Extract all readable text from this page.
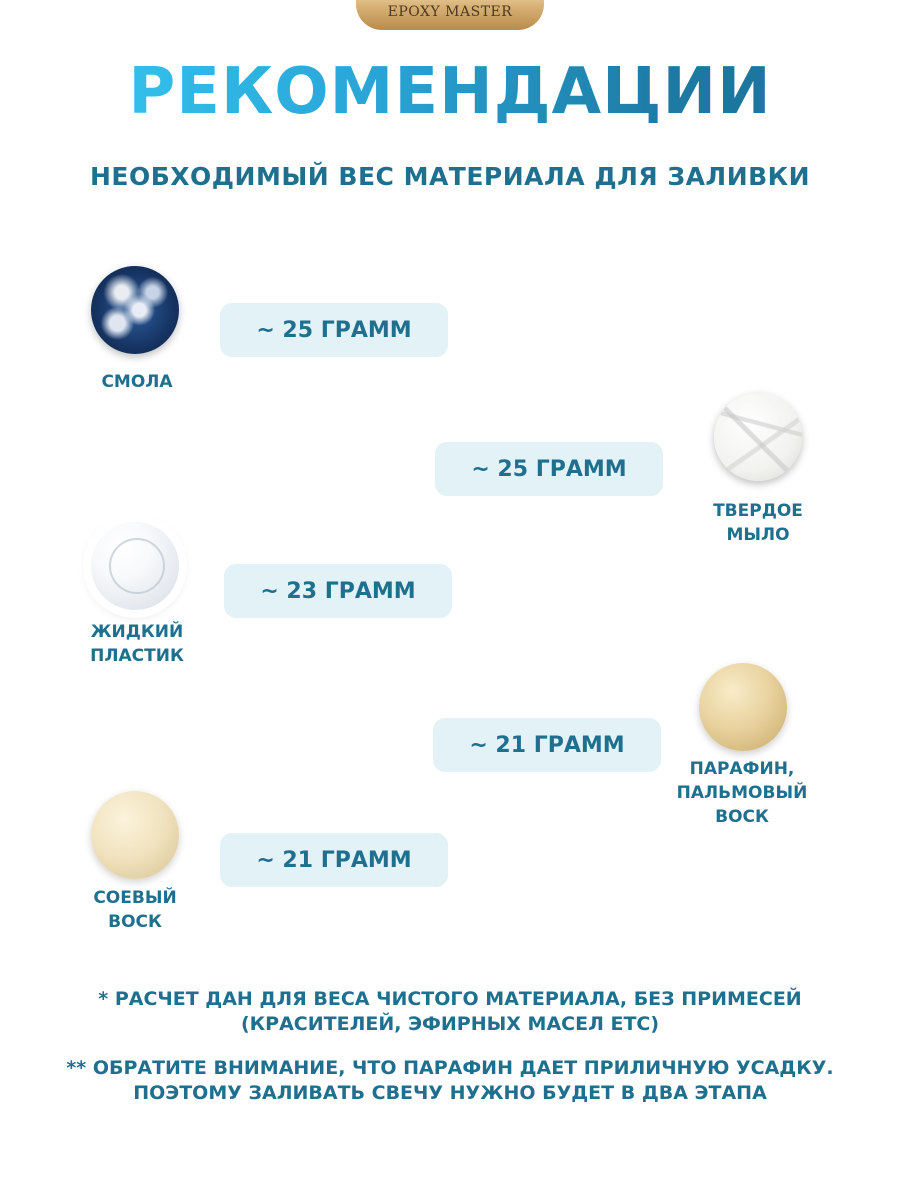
EPOXY MASTER
РЕКОМЕНДАЦИИ
НЕОБХОДИМЫЙ ВЕС МАТЕРИАЛА ДЛЯ ЗАЛИВКИ
~ 25 ГРАММ
СМОЛА
~ 25 ГРАММ
ТВЕРДОЕ
МЫЛО
~ 23 ГРАММ
ЖИДКИЙ
ПЛАСТИК
~ 21 ГРАММ
ПАРАФИН,
ПАЛЬМОВЫЙ
ВОСК
~ 21 ГРАММ
СОЕВЫЙ
ВОСК
* РАСЧЕТ ДАН ДЛЯ ВЕСА ЧИСТОГО МАТЕРИАЛА, БЕЗ ПРИМЕСЕЙ
(КРАСИТЕЛЕЙ, ЭФИРНЫХ МАСЕЛ ETC)
** ОБРАТИТЕ ВНИМАНИЕ, ЧТО ПАРАФИН ДАЕТ ПРИЛИЧНУЮ УСАДКУ.
ПОЭТОМУ ЗАЛИВАТЬ СВЕЧУ НУЖНО БУДЕТ В ДВА ЭТАПА
